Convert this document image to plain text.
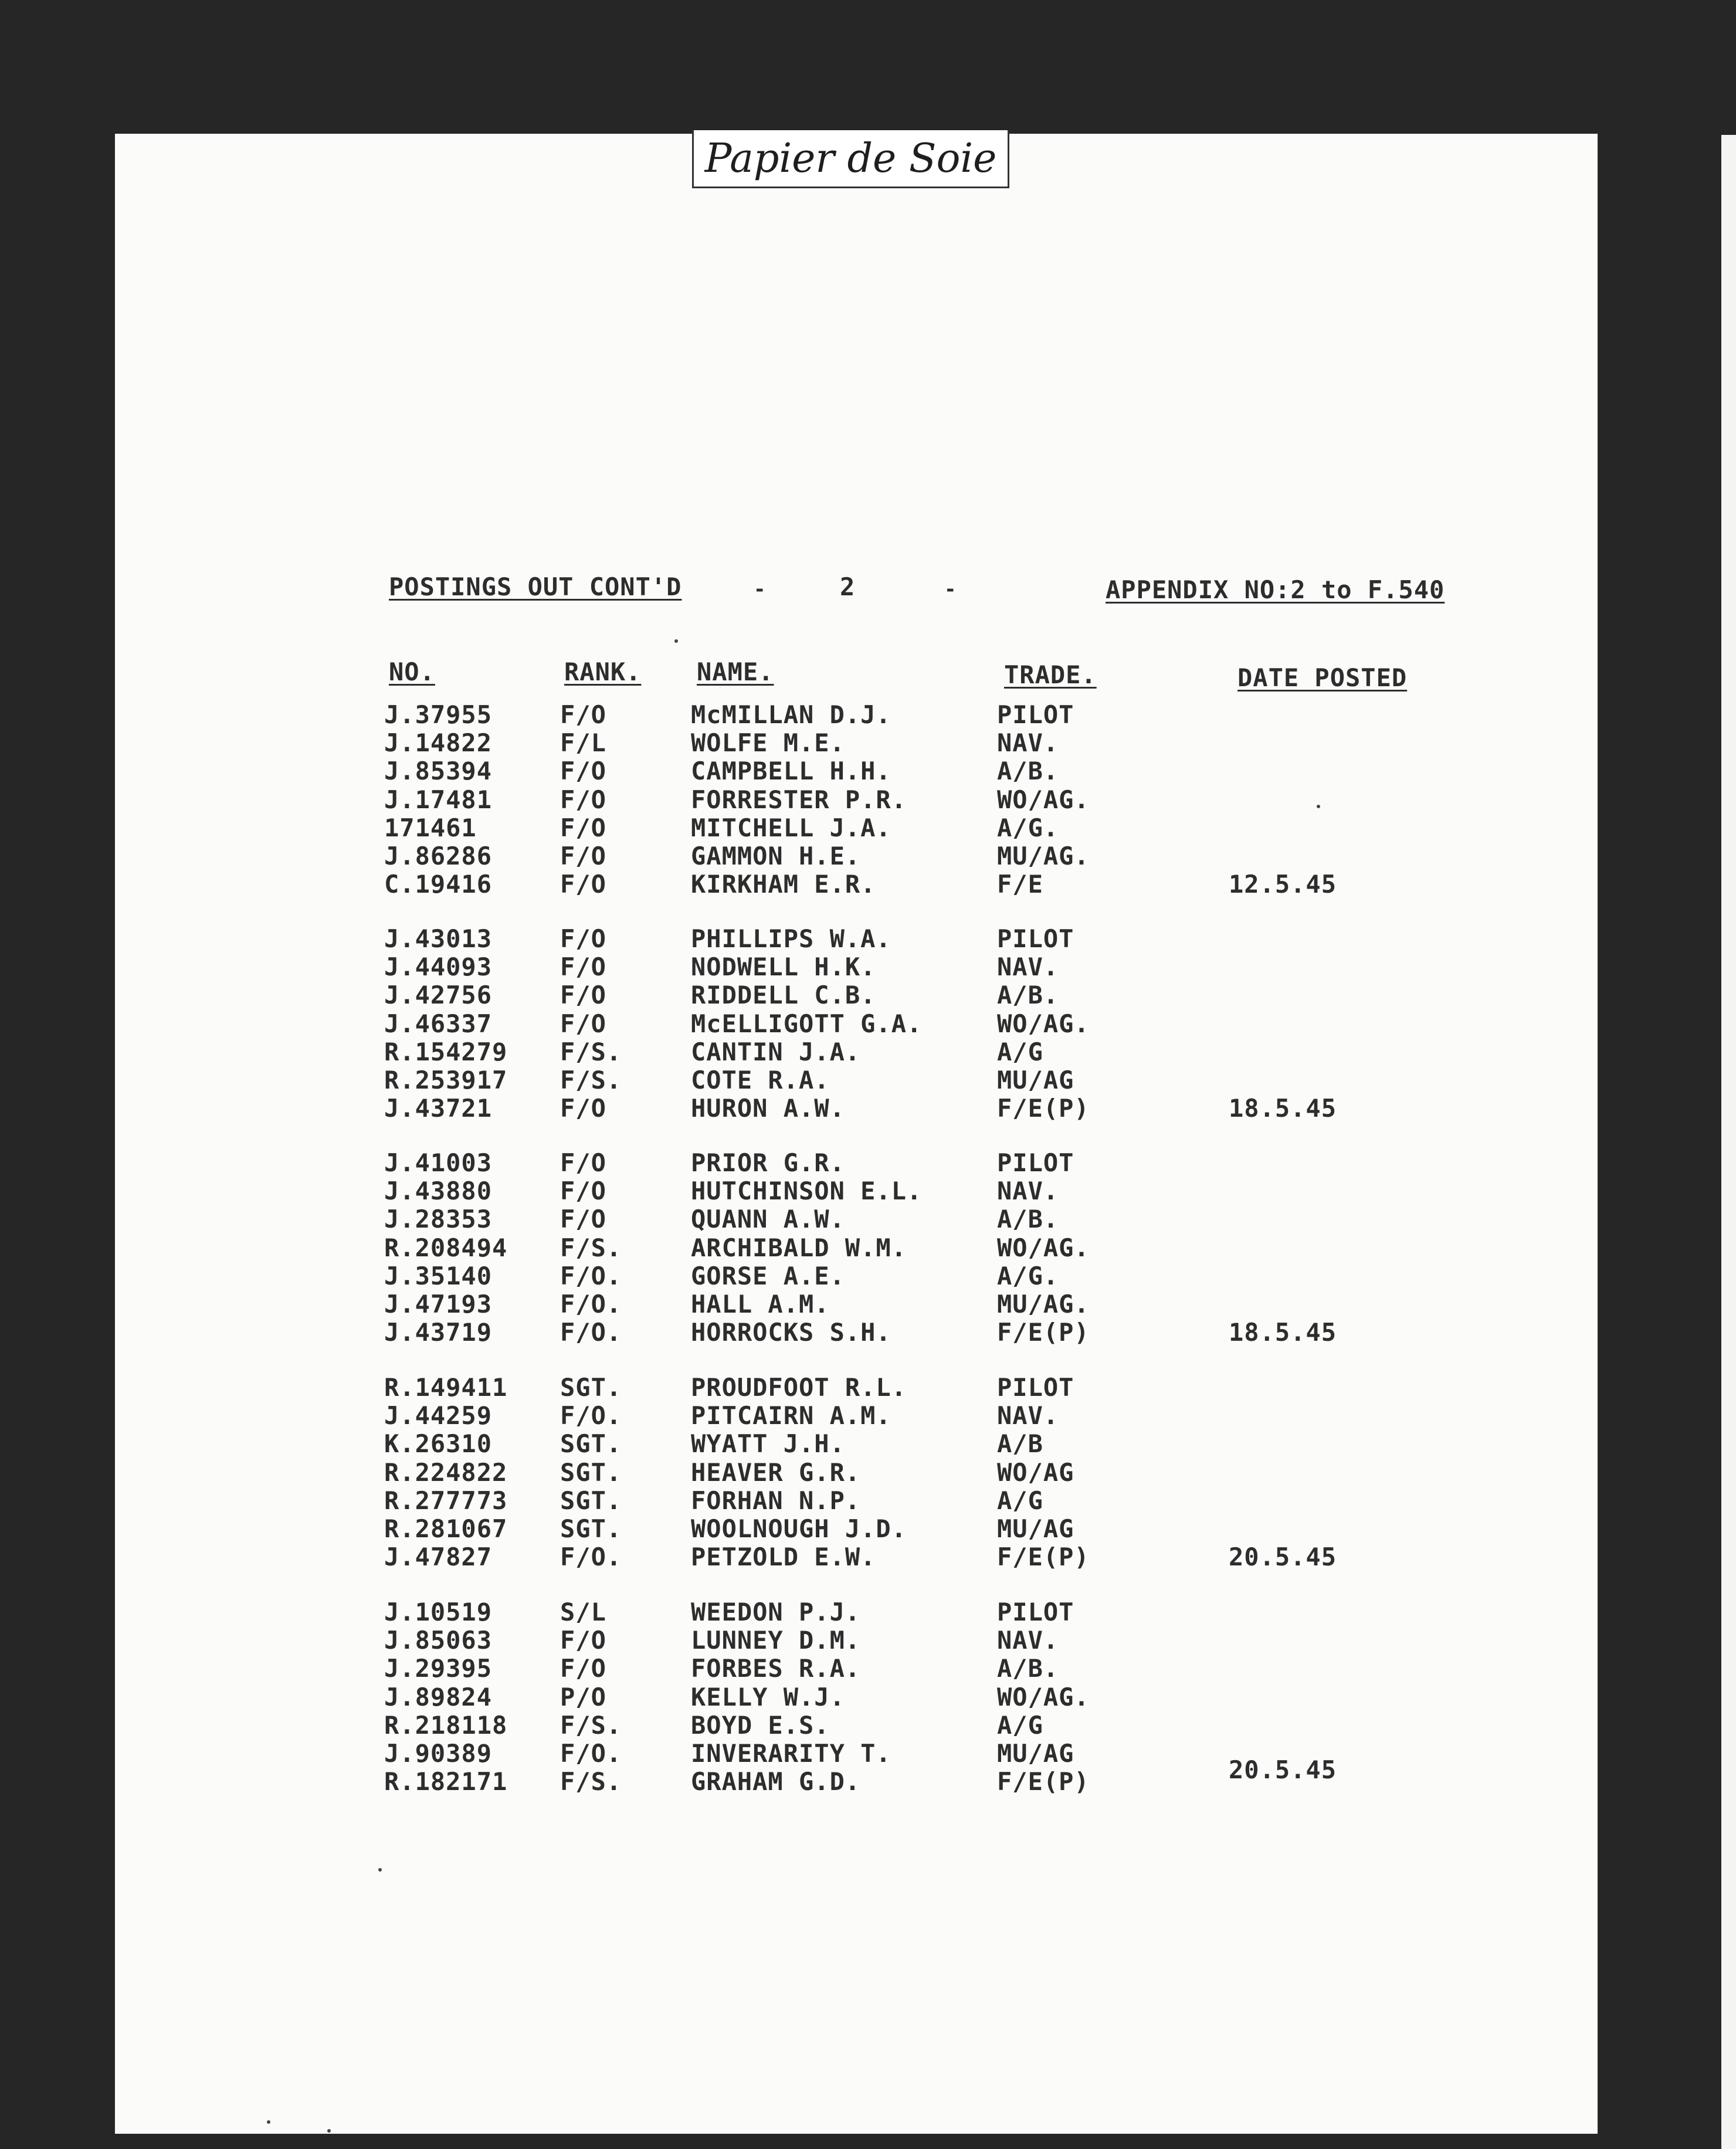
Papier de Soie
POSTINGS OUT CONT'D	-	2	-	APPENDIX NO:2 to F.540
NO.	RANK. NAME.	TRADE.	DATE POSTED
J.37955	F/O	McMILLAN D.J.	PILOT
J.14822	F/L	WOLFE M.E.	NAV.
J.85394	F/O	CAMPBELL H.H.	A/B.
J.17481	F/O	FORRESTER P.R.	WO/AG.
171461	F/O	MITCHELL J.A.	A/G.
J.86286	F/O	GAMMON H.E.	MU/AG.
C.19416	F/O	KIRKHAM E.R.	F/E	12.5.45
J.43013	F/O	PHILLIPS W.A.	PILOT
J.44093	F/O	NODWELL H.K.	NAV.
J.42756	F/O	RIDDELL C.B.	A/B.
J.46337	F/O	McELLIGOTT G.A.	WO/AG.
R.154279 F/S.	CANTIN J.A.	A/G
R.253917 F/S.	COTE R.A.	MU/AG
J.43721	F/O	HURON A.W.	F/E(P)	18.5.45
J.41003	F/O	PRIOR G.R.	PILOT
J.43880	F/O	HUTCHINSON E.L.	NAV.
J.28353	F/O	QUANN A.W.	A/B.
R.208494 F/S.	ARCHIBALD W.M.	WO/AG.
J.35140	F/O.	GORSE A.E.	A/G.
J.47193	F/O.	HALL A.M.	MU/AG.
J.43719	F/O.	HORROCKS S.H.	F/E(P)	18.5.45
R.149411 SGT.	PROUDFOOT R.L.	PILOT
J.44259	F/O.	PITCAIRN A.M.	NAV.
K.26310	SGT.	WYATT J.H.	A/B
R.224822 SGT.	HEAVER G.R.	WO/AG
R.277773 SGT.	FORHAN N.P.	A/G
R.281067 SGT.	WOOLNOUGH J.D.	MU/AG
J.47827	F/O.	PETZOLD E.W.	F/E(P)	20.5.45
J.10519	S/L	WEEDON P.J.	PILOT
J.85063	F/O	LUNNEY D.M.	NAV.
J.29395	F/O	FORBES R.A.	A/B.
J.89824	P/O	KELLY W.J.	WO/AG.
R.218118 F/S.	BOYD E.S.	A/G
J.90389	F/O.	INVERARITY T.	MU/AG
R.182171 F/S.	GRAHAM G.D.	F/E(P)	20.5.45
